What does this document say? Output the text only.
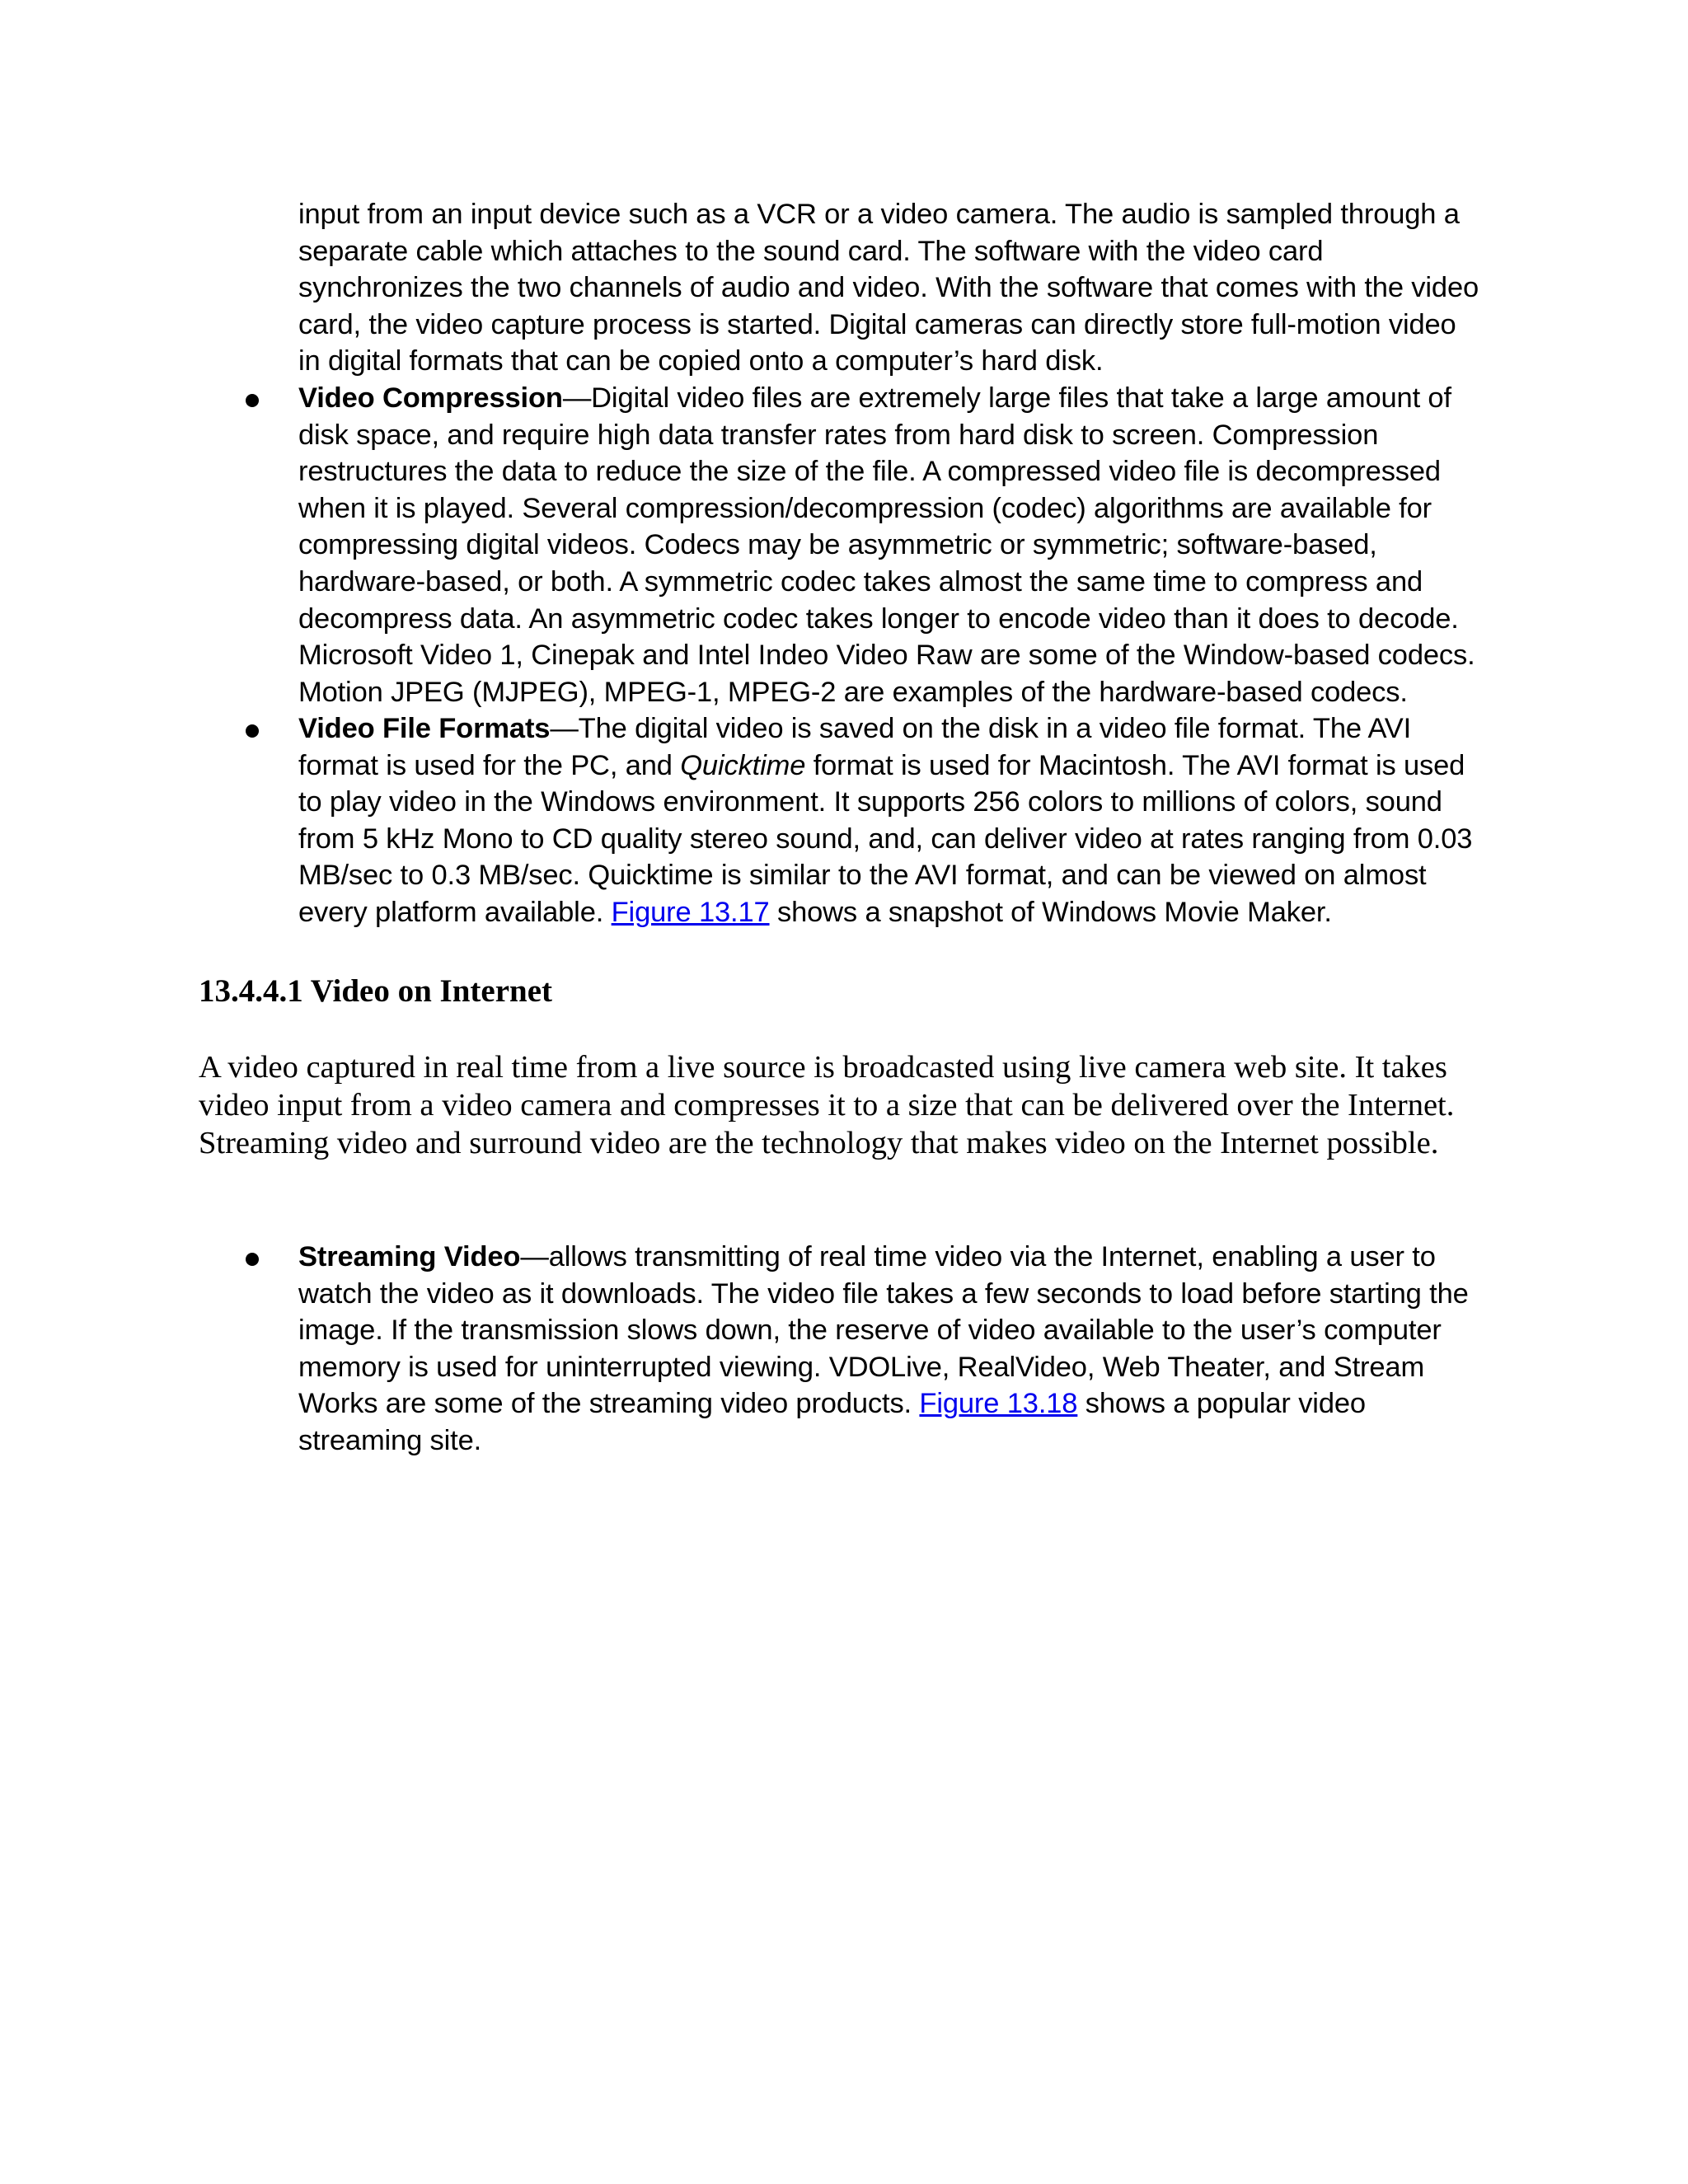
input from an input device such as a VCR or a video camera. The audio is sampled through a separate cable which attaches to the sound card. The software with the video card synchronizes the two channels of audio and video. With the software that comes with the video card, the video capture process is started. Digital cameras can directly store full-motion video in digital formats that can be copied onto a computer’s hard disk.

Video Compression—Digital video files are extremely large files that take a large amount of disk space, and require high data transfer rates from hard disk to screen. Compression restructures the data to reduce the size of the file. A compressed video file is decompressed when it is played. Several compression/decompression (codec) algorithms are available for compressing digital videos. Codecs may be asymmetric or symmetric; software-based, hardware-based, or both. A symmetric codec takes almost the same time to compress and decompress data. An asymmetric codec takes longer to encode video than it does to decode. Microsoft Video 1, Cinepak and Intel Indeo Video Raw are some of the Window-based codecs. Motion JPEG (MJPEG), MPEG-1, MPEG-2 are examples of the hardware-based codecs.

Video File Formats—The digital video is saved on the disk in a video file format. The AVI format is used for the PC, and Quicktime format is used for Macintosh. The AVI format is used to play video in the Windows environment. It supports 256 colors to millions of colors, sound from 5 kHz Mono to CD quality stereo sound, and, can deliver video at rates ranging from 0.03 MB/sec to 0.3 MB/sec. Quicktime is similar to the AVI format, and can be viewed on almost every platform available. Figure 13.17 shows a snapshot of Windows Movie Maker.

13.4.4.1 Video on Internet

A video captured in real time from a live source is broadcasted using live camera web site. It takes video input from a video camera and compresses it to a size that can be delivered over the Internet. Streaming video and surround video are the technology that makes video on the Internet possible.

Streaming Video—allows transmitting of real time video via the Internet, enabling a user to watch the video as it downloads. The video file takes a few seconds to load before starting the image. If the transmission slows down, the reserve of video available to the user’s computer memory is used for uninterrupted viewing. VDOLive, RealVideo, Web Theater, and Stream Works are some of the streaming video products. Figure 13.18 shows a popular video streaming site.
